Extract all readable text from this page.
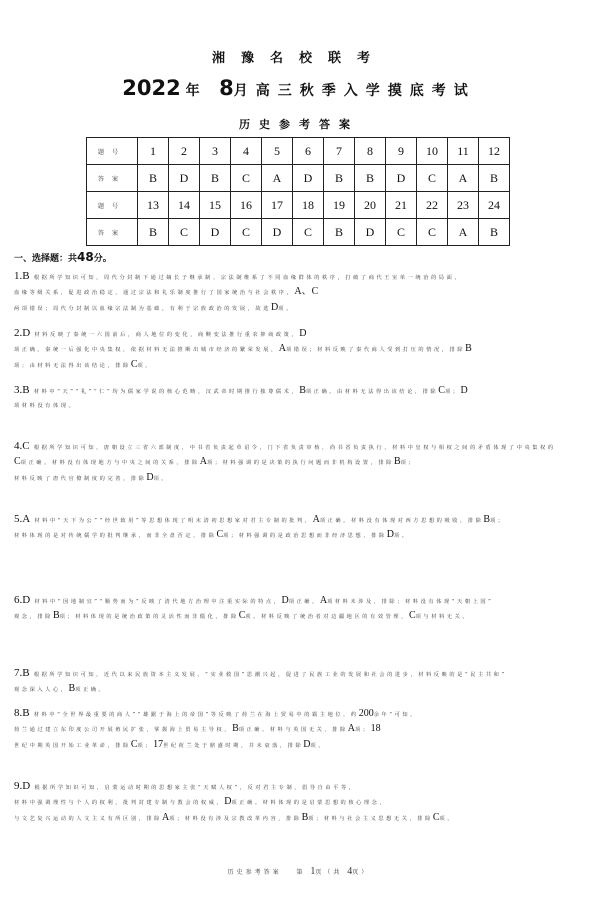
湘豫名校联考
2022 年 8月高三秋季入学摸底考试
历史参考答案
题号	1	2	3	4	5	6	7	8	9	10	11	12
答案	B	D	B	C	A	D	B	B	D	C	A	B
题号	13	14	15	16	17	18	19	20	21	22	23	24
答案	B	C	D	C	D	C	B	D	C	C	A	B
一、选择题：共48分。
1.B 根据所学知识可知，周代分封制下通过嫡长子继承制、宗法制维系了不同血缘群体的秩序，打破了商代王室单一统治的局面，
血缘等级关系，促进政治稳定，通过宗法和礼乐制度推行了国家统治与社会秩序，A、C
两项错误；周代分封制以血缘宗法制为基础，有利于宗族政治的发展，故选D项。
2.D 材料反映了秦统一六国前后，商人地位的变化，商鞅变法推行重农抑商政策，D
项正确。秦统一后强化中央集权，依据材料无法推断出城市经济的繁荣发展，A项错误；材料反映了秦代商人受到打压的情况，排除B
项；由材料无法得出该结论，排除C项。
3.B 材料中“天”“礼”“仁”均为儒家学说的核心范畴，汉武帝时期推行独尊儒术，B项正确。由材料无法得出该结论，排除C项；D
项材料没有体现。
4.C 根据所学知识可知，唐朝设立三省六部制度，中书省负责起草诏令，门下省负责审核，尚书省负责执行，材料中皇权与相权之间的矛盾体现了中央集权的
C项正确。材料没有体现地方与中央之间的关系，排除A项；材料强调的是决策的执行问题而非机构设置，排除B项；
材料反映了唐代官僚制度的完善，排除D项。
5.A 材料中“天下为公”“经世致用”等思想体现了明末清初思想家对君主专制的批判，A项正确。材料没有体现对西方思想的吸收，排除B项；
材料体现的是对传统儒学的批判继承，而非全盘否定，排除C项；材料强调的是政治思想而非经济思想，排除D项。
6.D 材料中“因地制宜”“顺势而为”反映了清代地方治理中注重实际的特点，D项正确。A项材料未涉及，排除；材料没有体现“天朝上国”
观念，排除B项；材料体现的是统治政策的灵活性而非僵化，排除C项。材料反映了统治者对边疆地区的有效管理，C项与材料无关。
7.B 根据所学知识可知，近代以来民族资本主义发展，“实业救国”思潮兴起，促进了民族工业的发展和社会的进步，材料反映的是“民主共和”
观念深入人心，B项正确。
8.B 材料中“全世界最重要的商人”“雄踞于海上的帝国”等反映了荷兰在海上贸易中的霸主地位，约200余年“可知，
荷兰通过建立东印度公司开展殖民扩张，掌握海上贸易主导权，B项正确。材料与英国无关，排除A项；18
世纪中期英国开始工业革命，排除C项；17世纪荷兰处于鼎盛时期，并未衰落，排除D项。
9.D 根据所学知识可知，启蒙运动时期的思想家主张“天赋人权”，反对君主专制，倡导自由平等，
材料中强调理性与个人的权利，批判封建专制与教会的权威，D项正确。材料体现的是启蒙思想的核心理念，
与文艺复兴运动的人文主义有所区别，排除A项；材料没有涉及宗教改革内容，排除B项；材料与社会主义思想无关，排除C项。
历史参考答案 第 1页（共 4页）
